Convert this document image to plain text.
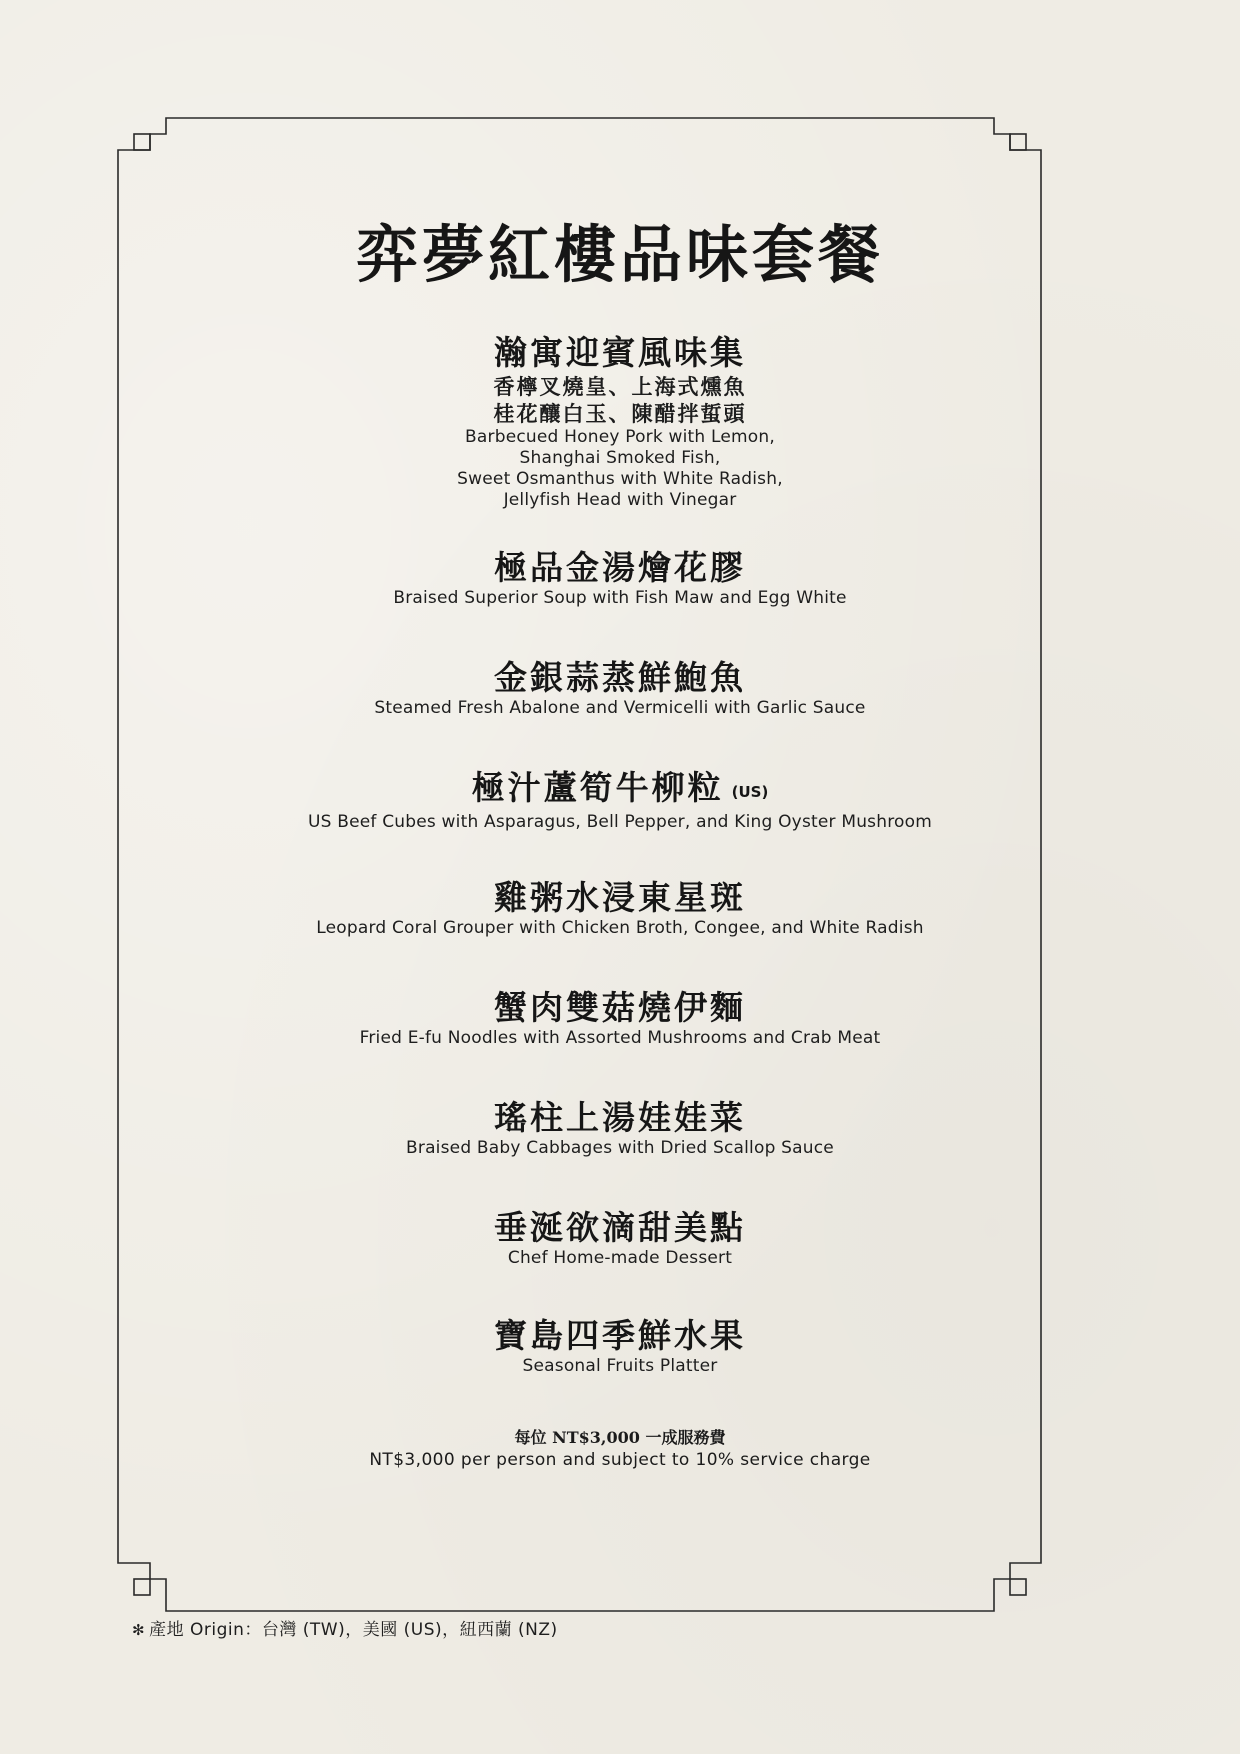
弈夢紅樓品味套餐
瀚寓迎賓風味集
香檸叉燒皇、上海式燻魚
桂花釀白玉、陳醋拌蜇頭
Barbecued Honey Pork with Lemon,
Shanghai Smoked Fish,
Sweet Osmanthus with White Radish,
Jellyfish Head with Vinegar
極品金湯燴花膠
Braised Superior Soup with Fish Maw and Egg White
金銀蒜蒸鮮鮑魚
Steamed Fresh Abalone and Vermicelli with Garlic Sauce
極汁蘆筍牛柳粒 (US)
US Beef Cubes with Asparagus, Bell Pepper, and King Oyster Mushroom
雞粥水浸東星斑
Leopard Coral Grouper with Chicken Broth, Congee, and White Radish
蟹肉雙菇燒伊麵
Fried E-fu Noodles with Assorted Mushrooms and Crab Meat
瑤柱上湯娃娃菜
Braised Baby Cabbages with Dried Scallop Sauce
垂涎欲滴甜美點
Chef Home-made Dessert
寶島四季鮮水果
Seasonal Fruits Platter
每位 NT$3,000 一成服務費
NT$3,000 per person and subject to 10% service charge
✻ 產地 Origin：台灣 (TW)，美國 (US)，紐西蘭 (NZ)
